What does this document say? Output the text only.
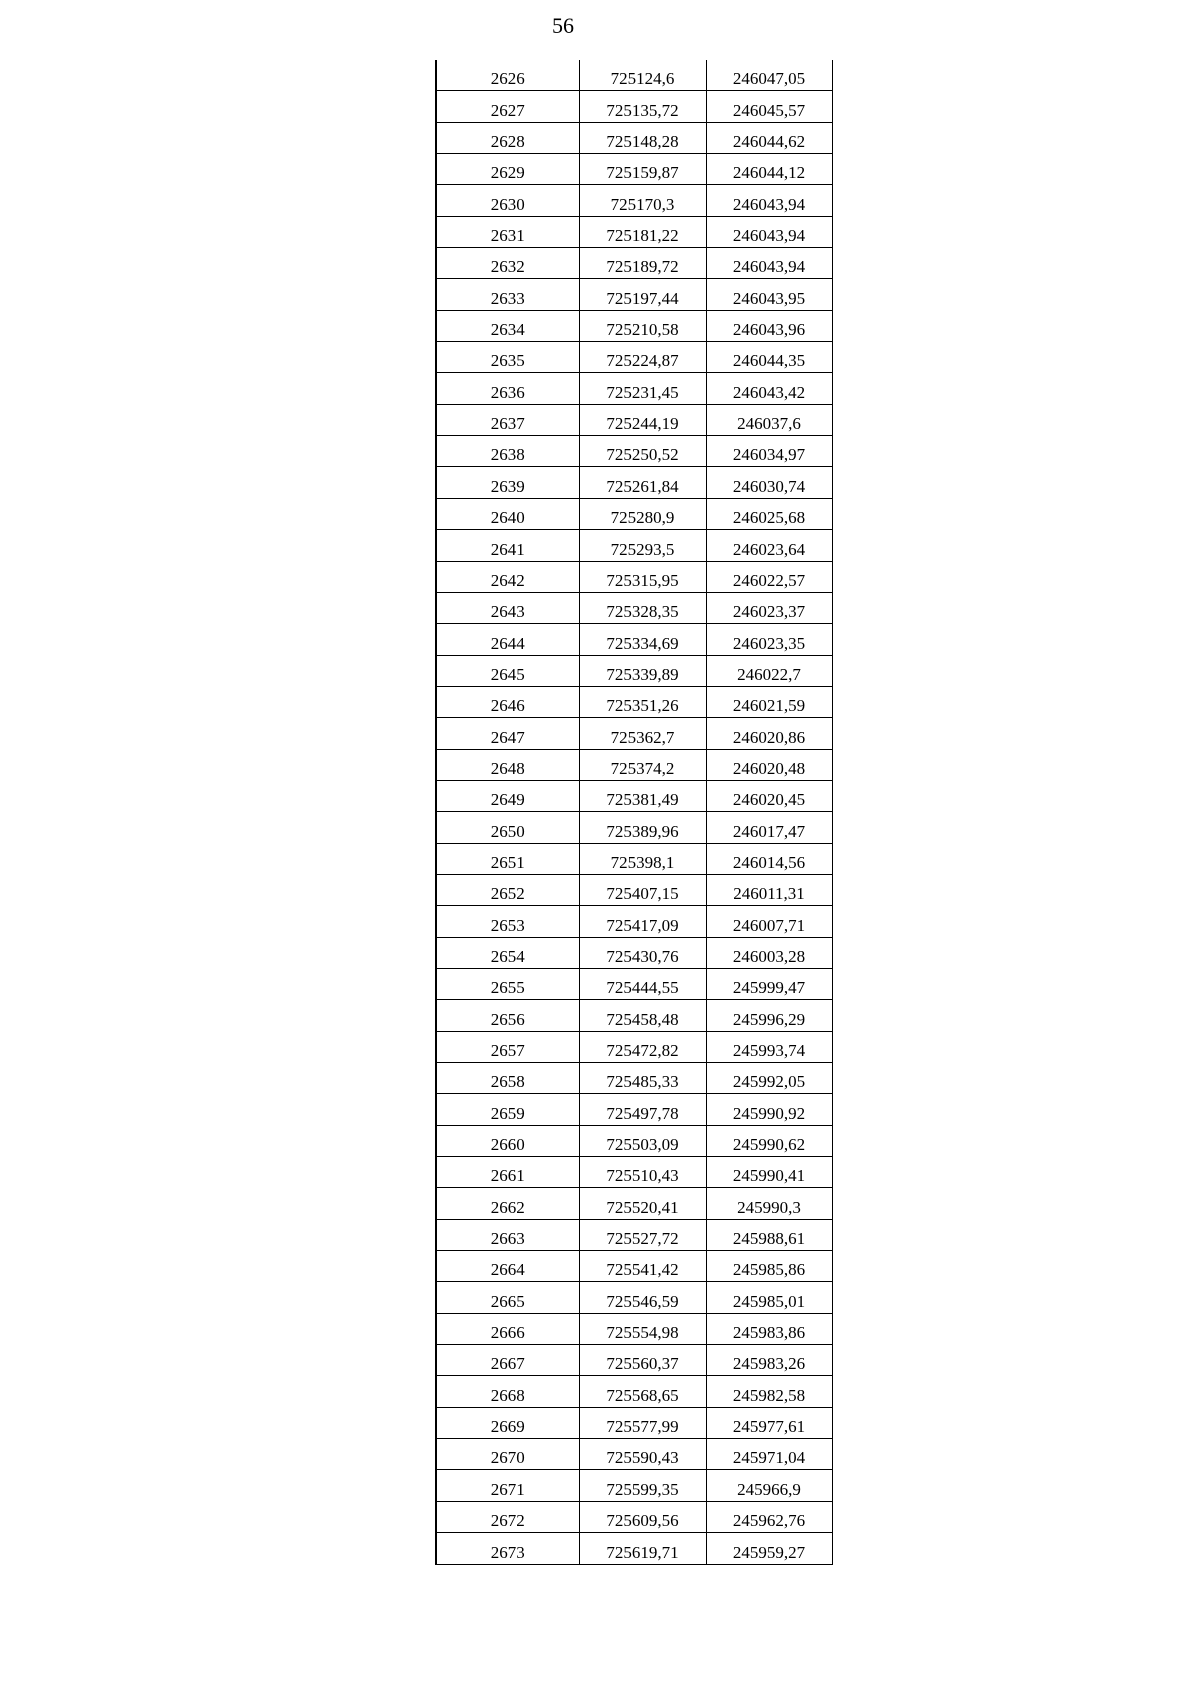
56
2626	725124,6	246047,05
2627	725135,72	246045,57
2628	725148,28	246044,62
2629	725159,87	246044,12
2630	725170,3	246043,94
2631	725181,22	246043,94
2632	725189,72	246043,94
2633	725197,44	246043,95
2634	725210,58	246043,96
2635	725224,87	246044,35
2636	725231,45	246043,42
2637	725244,19	246037,6
2638	725250,52	246034,97
2639	725261,84	246030,74
2640	725280,9	246025,68
2641	725293,5	246023,64
2642	725315,95	246022,57
2643	725328,35	246023,37
2644	725334,69	246023,35
2645	725339,89	246022,7
2646	725351,26	246021,59
2647	725362,7	246020,86
2648	725374,2	246020,48
2649	725381,49	246020,45
2650	725389,96	246017,47
2651	725398,1	246014,56
2652	725407,15	246011,31
2653	725417,09	246007,71
2654	725430,76	246003,28
2655	725444,55	245999,47
2656	725458,48	245996,29
2657	725472,82	245993,74
2658	725485,33	245992,05
2659	725497,78	245990,92
2660	725503,09	245990,62
2661	725510,43	245990,41
2662	725520,41	245990,3
2663	725527,72	245988,61
2664	725541,42	245985,86
2665	725546,59	245985,01
2666	725554,98	245983,86
2667	725560,37	245983,26
2668	725568,65	245982,58
2669	725577,99	245977,61
2670	725590,43	245971,04
2671	725599,35	245966,9
2672	725609,56	245962,76
2673	725619,71	245959,27
